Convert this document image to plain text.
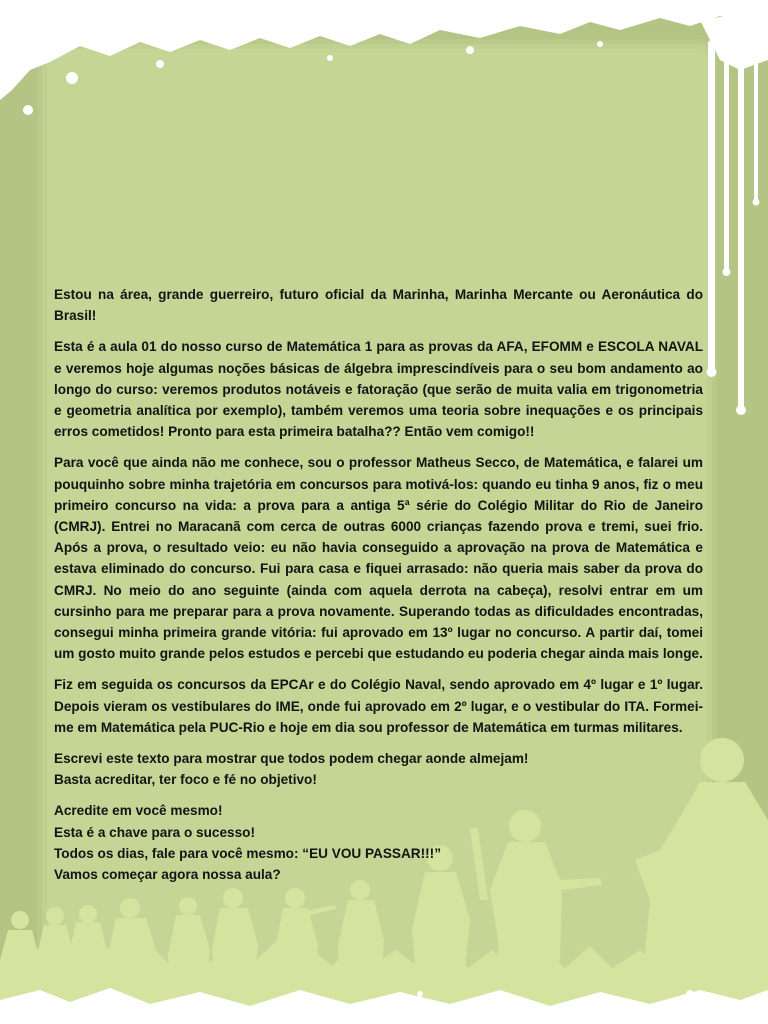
Estou na área, grande guerreiro, futuro oficial da Marinha, Marinha Mercante ou Aeronáutica do Brasil!

Esta é a aula 01 do nosso curso de Matemática 1 para as provas da AFA, EFOMM e ESCOLA NAVAL e veremos hoje algumas noções básicas de álgebra imprescindíveis para o seu bom andamento ao longo do curso: veremos produtos notáveis e fatoração (que serão de muita valia em trigonometria e geometria analítica por exemplo), também veremos uma teoria sobre inequações e os principais erros cometidos! Pronto para esta primeira batalha?? Então vem comigo!!

Para você que ainda não me conhece, sou o professor Matheus Secco, de Matemática, e falarei um pouquinho sobre minha trajetória em concursos para motivá-los: quando eu tinha 9 anos, fiz o meu primeiro concurso na vida: a prova para a antiga 5ª série do Colégio Militar do Rio de Janeiro (CMRJ). Entrei no Maracanã com cerca de outras 6000 crianças fazendo prova e tremi, suei frio. Após a prova, o resultado veio: eu não havia conseguido a aprovação na prova de Matemática e estava eliminado do concurso. Fui para casa e fiquei arrasado: não queria mais saber da prova do CMRJ. No meio do ano seguinte (ainda com aquela derrota na cabeça), resolvi entrar em um cursinho para me preparar para a prova novamente. Superando todas as dificuldades encontradas, consegui minha primeira grande vitória: fui aprovado em 13º lugar no concurso. A partir daí, tomei um gosto muito grande pelos estudos e percebi que estudando eu poderia chegar ainda mais longe.

Fiz em seguida os concursos da EPCAr e do Colégio Naval, sendo aprovado em 4º lugar e 1º lugar. Depois vieram os vestibulares do IME, onde fui aprovado em 2º lugar, e o vestibular do ITA. Formei-me em Matemática pela PUC-Rio e hoje em dia sou professor de Matemática em turmas militares.

Escrevi este texto para mostrar que todos podem chegar aonde almejam!
Basta acreditar, ter foco e fé no objetivo!

Acredite em você mesmo!
Esta é a chave para o sucesso!
Todos os dias, fale para você mesmo: “EU VOU PASSAR!!!”
Vamos começar agora nossa aula?
